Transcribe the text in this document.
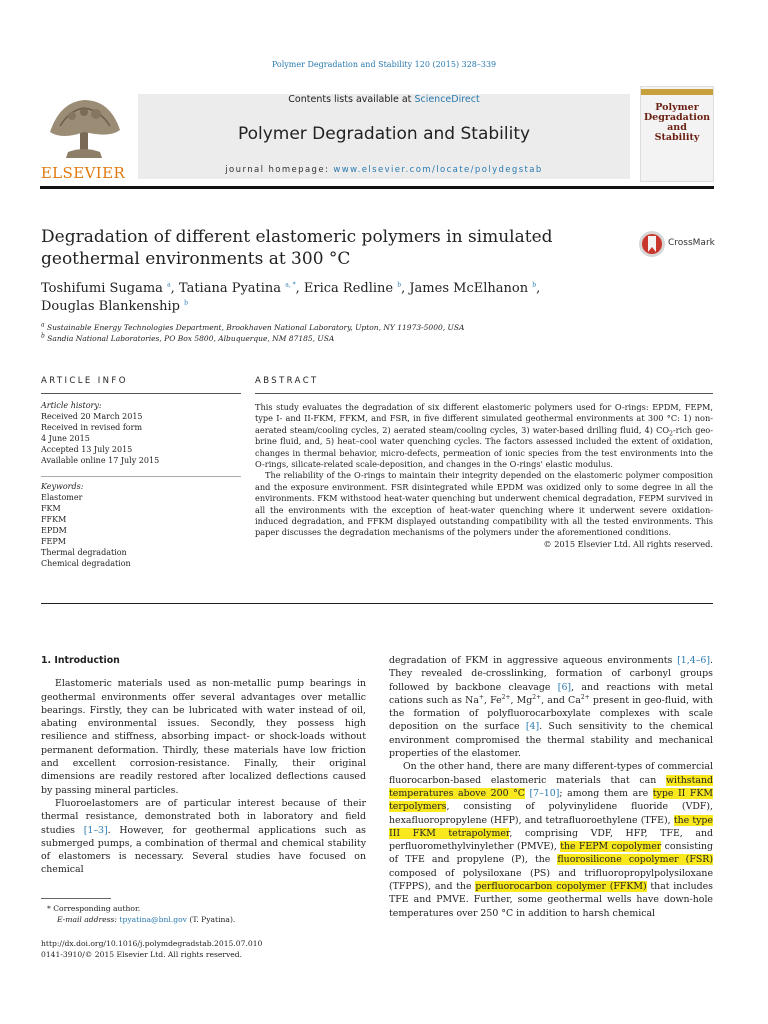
Polymer Degradation and Stability 120 (2015) 328–339
ELSEVIER
Contents lists available at ScienceDirect
Polymer Degradation and Stability
journal homepage: www.elsevier.com/locate/polydegstab
Polymer
Degradation
and
Stability
Degradation of different elastomeric polymers in simulated geothermal environments at 300 °C
CrossMark
Toshifumi Sugama $^a$, Tatiana Pyatina $^{a, *}$, Erica Redline $^b$, James McElhanon $^b$,
Douglas Blankenship $^b$
$^a$ Sustainable Energy Technologies Department, Brookhaven National Laboratory, Upton, NY 11973-5000, USA
$^b$ Sandia National Laboratories, PO Box 5800, Albuquerque, NM 87185, USA
ARTICLE INFO
Article history:
Received 20 March 2015
Received in revised form
4 June 2015
Accepted 13 July 2015
Available online 17 July 2015
Keywords:
Elastomer
FKM
FFKM
EPDM
FEPM
Thermal degradation
Chemical degradation
ABSTRACT

This study evaluates the degradation of six different elastomeric polymers used for O-rings: EPDM, FEPM, type I- and II-FKM, FFKM, and FSR, in five different simulated geothermal environments at 300 °C: 1) non-aerated steam/cooling cycles, 2) aerated steam/cooling cycles, 3) water-based drilling fluid, 4) $CO_2$-rich geo-brine fluid, and, 5) heat–cool water quenching cycles. The factors assessed included the extent of oxidation, changes in thermal behavior, micro-defects, permeation of ionic species from the test environments into the O-rings, silicate-related scale-deposition, and changes in the O-rings' elastic modulus.

The reliability of the O-rings to maintain their integrity depended on the elastomeric polymer composition and the exposure environment. FSR disintegrated while EPDM was oxidized only to some degree in all the environments. FKM withstood heat-water quenching but underwent chemical degradation, FEPM survived in all the environments with the exception of heat-water quenching where it underwent severe oxidation-induced degradation, and FFKM displayed outstanding compatibility with all the tested environments. This paper discusses the degradation mechanisms of the polymers under the aforementioned conditions.

© 2015 Elsevier Ltd. All rights reserved.
1. Introduction

Elastomeric materials used as non-metallic pump bearings in geothermal environments offer several advantages over metallic bearings. Firstly, they can be lubricated with water instead of oil, abating environmental issues. Secondly, they possess high resilience and stiffness, absorbing impact- or shock-loads without permanent deformation. Thirdly, these materials have low friction and excellent corrosion-resistance. Finally, their original dimensions are readily restored after localized deflections caused by passing mineral particles.

Fluoroelastomers are of particular interest because of their thermal resistance, demonstrated both in laboratory and field studies [1–3]. However, for geothermal applications such as submerged pumps, a combination of thermal and chemical stability of elastomers is necessary. Several studies have focused on chemical

degradation of FKM in aggressive aqueous environments [1,4–6]. They revealed de-crosslinking, formation of carbonyl groups followed by backbone cleavage [6], and reactions with metal cations such as Na+, $Fe^{2+}$, $Mg^{2+}$, and $Ca^{2+}$ present in geo-fluid, with the formation of polyfluorocarboxylate complexes with scale deposition on the surface [4]. Such sensitivity to the chemical environment compromised the thermal stability and mechanical properties of the elastomer.

On the other hand, there are many different-types of commercial fluorocarbon-based elastomeric materials that can withstand temperatures above 200 °C [7–10]; among them are type II FKM terpolymers, consisting of polyvinylidene fluoride (VDF), hexafluoropropylene (HFP), and tetrafluoroethylene (TFE), the type III FKM tetrapolymer, comprising VDF, HFP, TFE, and perfluoromethylvinylether (PMVE), the FEPM copolymer consisting of TFE and propylene (P), the fluorosilicone copolymer (FSR) composed of polysiloxane (PS) and trifluoropropylpolysiloxane (TFPPS), and the perfluorocarbon copolymer (FFKM) that includes TFE and PMVE. Further, some geothermal wells have down-hole temperatures over 250 °C in addition to harsh chemical

* Corresponding author.
E-mail address: tpyatina@bnl.gov (T. Pyatina).
http://dx.doi.org/10.1016/j.polymdegradstab.2015.07.010
0141-3910/© 2015 Elsevier Ltd. All rights reserved.
